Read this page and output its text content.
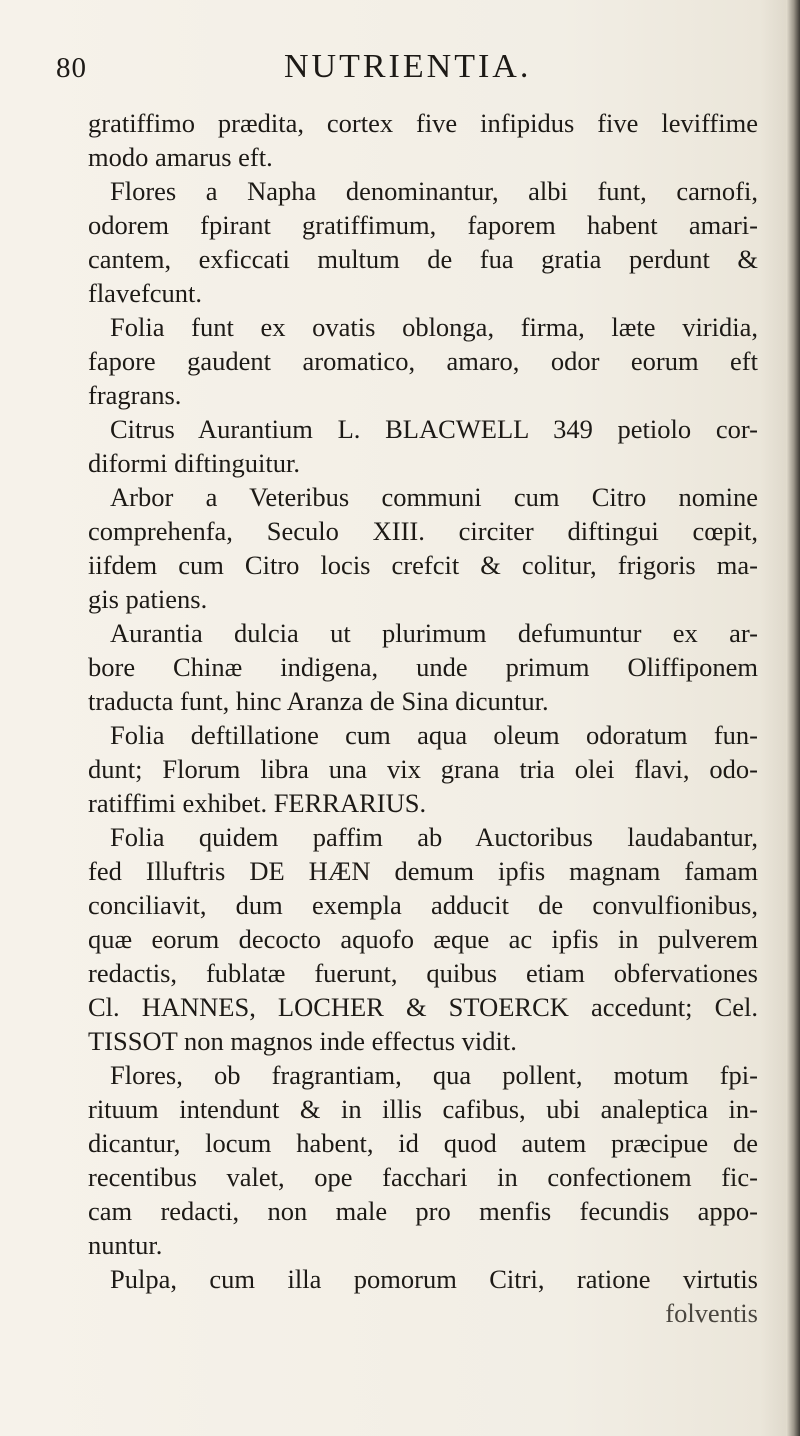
80	NUTRIENTIA.
gratiffimo prædita, cortex five infipidus five leviffime
modo amarus eft.
Flores a Napha denominantur, albi funt, carnofi,
odorem fpirant gratiffimum, faporem habent amari-
cantem, exficcati multum de fua gratia perdunt &
flavefcunt.
Folia funt ex ovatis oblonga, firma, læte viridia,
fapore gaudent aromatico, amaro, odor eorum eft
fragrans.
Citrus Aurantium L. BLACWELL 349 petiolo cor-
diformi diftinguitur.
Arbor a Veteribus communi cum Citro nomine
comprehenfa, Seculo XIII. circiter diftingui cœpit,
iifdem cum Citro locis crefcit & colitur, frigoris ma-
gis patiens.
Aurantia dulcia ut plurimum defumuntur ex ar-
bore Chinæ indigena, unde primum Oliffiponem
traducta funt, hinc Aranza de Sina dicuntur.
Folia deftillatione cum aqua oleum odoratum fun-
dunt; Florum libra una vix grana tria olei flavi, odo-
ratiffimi exhibet. FERRARIUS.
Folia quidem paffim ab Auctoribus laudabantur,
fed Illuftris DE HÆN demum ipfis magnam famam
conciliavit, dum exempla adducit de convulfionibus,
quæ eorum decocto aquofo æque ac ipfis in pulverem
redactis, fublatæ fuerunt, quibus etiam obfervationes
Cl. HANNES, LOCHER & STOERCK accedunt; Cel.
TISSOT non magnos inde effectus vidit.
Flores, ob fragrantiam, qua pollent, motum fpi-
rituum intendunt & in illis cafibus, ubi analeptica in-
dicantur, locum habent, id quod autem præcipue de
recentibus valet, ope facchari in confectionem fic-
cam redacti, non male pro menfis fecundis appo-
nuntur.
Pulpa, cum illa pomorum Citri, ratione virtutis
folventis
